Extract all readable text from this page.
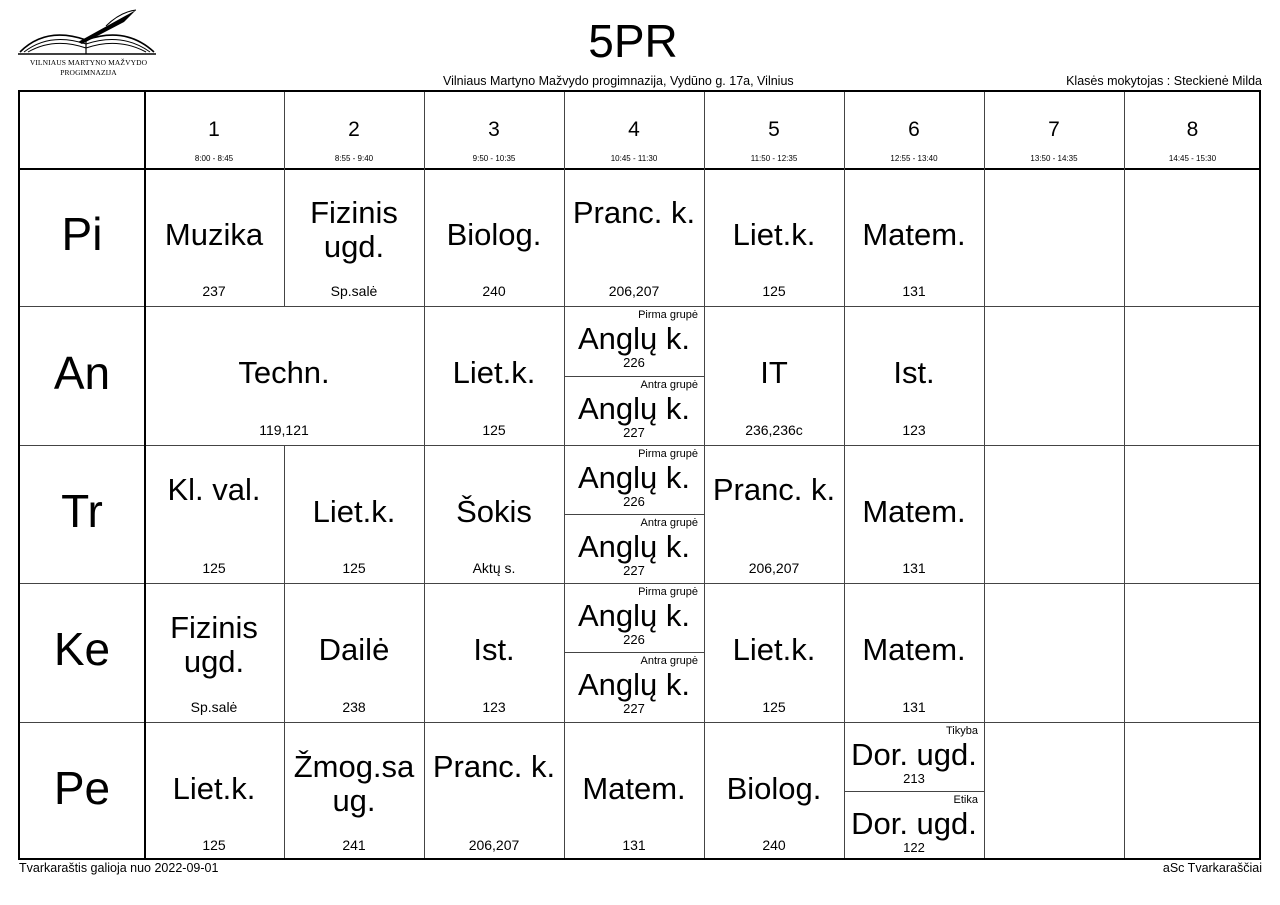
VILNIAUS MARTYNO MAŽVYDO
PROGIMNAZIJA
5PR
Vilniaus Martyno Mažvydo progimnazija, Vydūno g. 17a, Vilnius	Klasės mokytojas : Steckienė Milda
1
8:00 - 8:45
2
8:55 - 9:40
3
9:50 - 10:35
4
10:45 - 11:30
5
11:50 - 12:35
6
12:55 - 13:40
7
13:50 - 14:35
8
14:45 - 15:30
Pi
An
Tr
Ke
Pe
Muzika
237
Fizinis ugd.
Sp.salė
Biolog.
240
Pranc. k.
206,207
Liet.k.
125
Matem.
131
Techn.
119,121
Liet.k.
125
Pirma grupė
Anglų k.
226
Antra grupė
Anglų k.
227
IT
236,236c
Ist.
123
Kl. val.
125
Liet.k.
125
Šokis
Aktų s.
Pirma grupė
Anglų k.
226
Antra grupė
Anglų k.
227
Pranc. k.
206,207
Matem.
131
Fizinis ugd.
Sp.salė
Dailė
238
Ist.
123
Pirma grupė
Anglų k.
226
Antra grupė
Anglų k.
227
Liet.k.
125
Matem.
131
Liet.k.
125
Žmog.sa ug.
241
Pranc. k.
206,207
Matem.
131
Biolog.
240
Tikyba
Dor. ugd.
213
Etika
Dor. ugd.
122
Tvarkaraštis galioja nuo 2022-09-01	aSc Tvarkaraščiai
